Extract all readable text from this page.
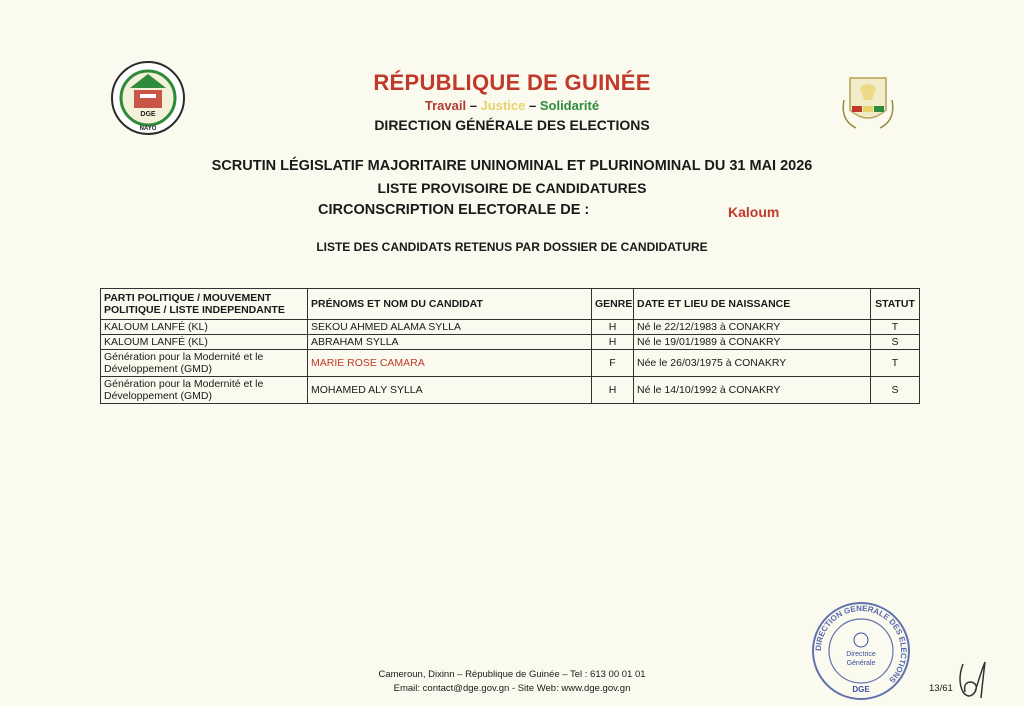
DGE
NAYO
RÉPUBLIQUE DE GUINÉE
Travail – Justice – Solidarité
DIRECTION GÉNÉRALE DES ELECTIONS
SCRUTIN LÉGISLATIF MAJORITAIRE UNINOMINAL ET PLURINOMINAL DU 31 MAI 2026
LISTE PROVISOIRE DE CANDIDATURES
CIRCONSCRIPTION ELECTORALE DE :	Kaloum
LISTE DES CANDIDATS RETENUS PAR DOSSIER DE CANDIDATURE
PARTI POLITIQUE / MOUVEMENT POLITIQUE / LISTE INDEPENDANTE	PRÉNOMS ET NOM DU CANDIDAT	GENRE	DATE ET LIEU DE NAISSANCE	STATUT
KALOUM LANFÉ (KL)	SEKOU AHMED ALAMA SYLLA	H	Né le 22/12/1983 à CONAKRY	T
KALOUM LANFÉ (KL)	ABRAHAM SYLLA	H	Né le 19/01/1989 à CONAKRY	S
Génération pour la Modernité et le Développement (GMD)	MARIE ROSE CAMARA	F	Née le 26/03/1975 à CONAKRY	T
Génération pour la Modernité et le Développement (GMD)	MOHAMED ALY SYLLA	H	Né le 14/10/1992 à CONAKRY	S
Cameroun, Dixinn – République de Guinée – Tel : 613 00 01 01
Email: contact@dge.gov.gn - Site Web: www.dge.gov.gn
DIRECTION GENERALE DES ELECTIONS
Directrice
Générale
DGE	13/61
